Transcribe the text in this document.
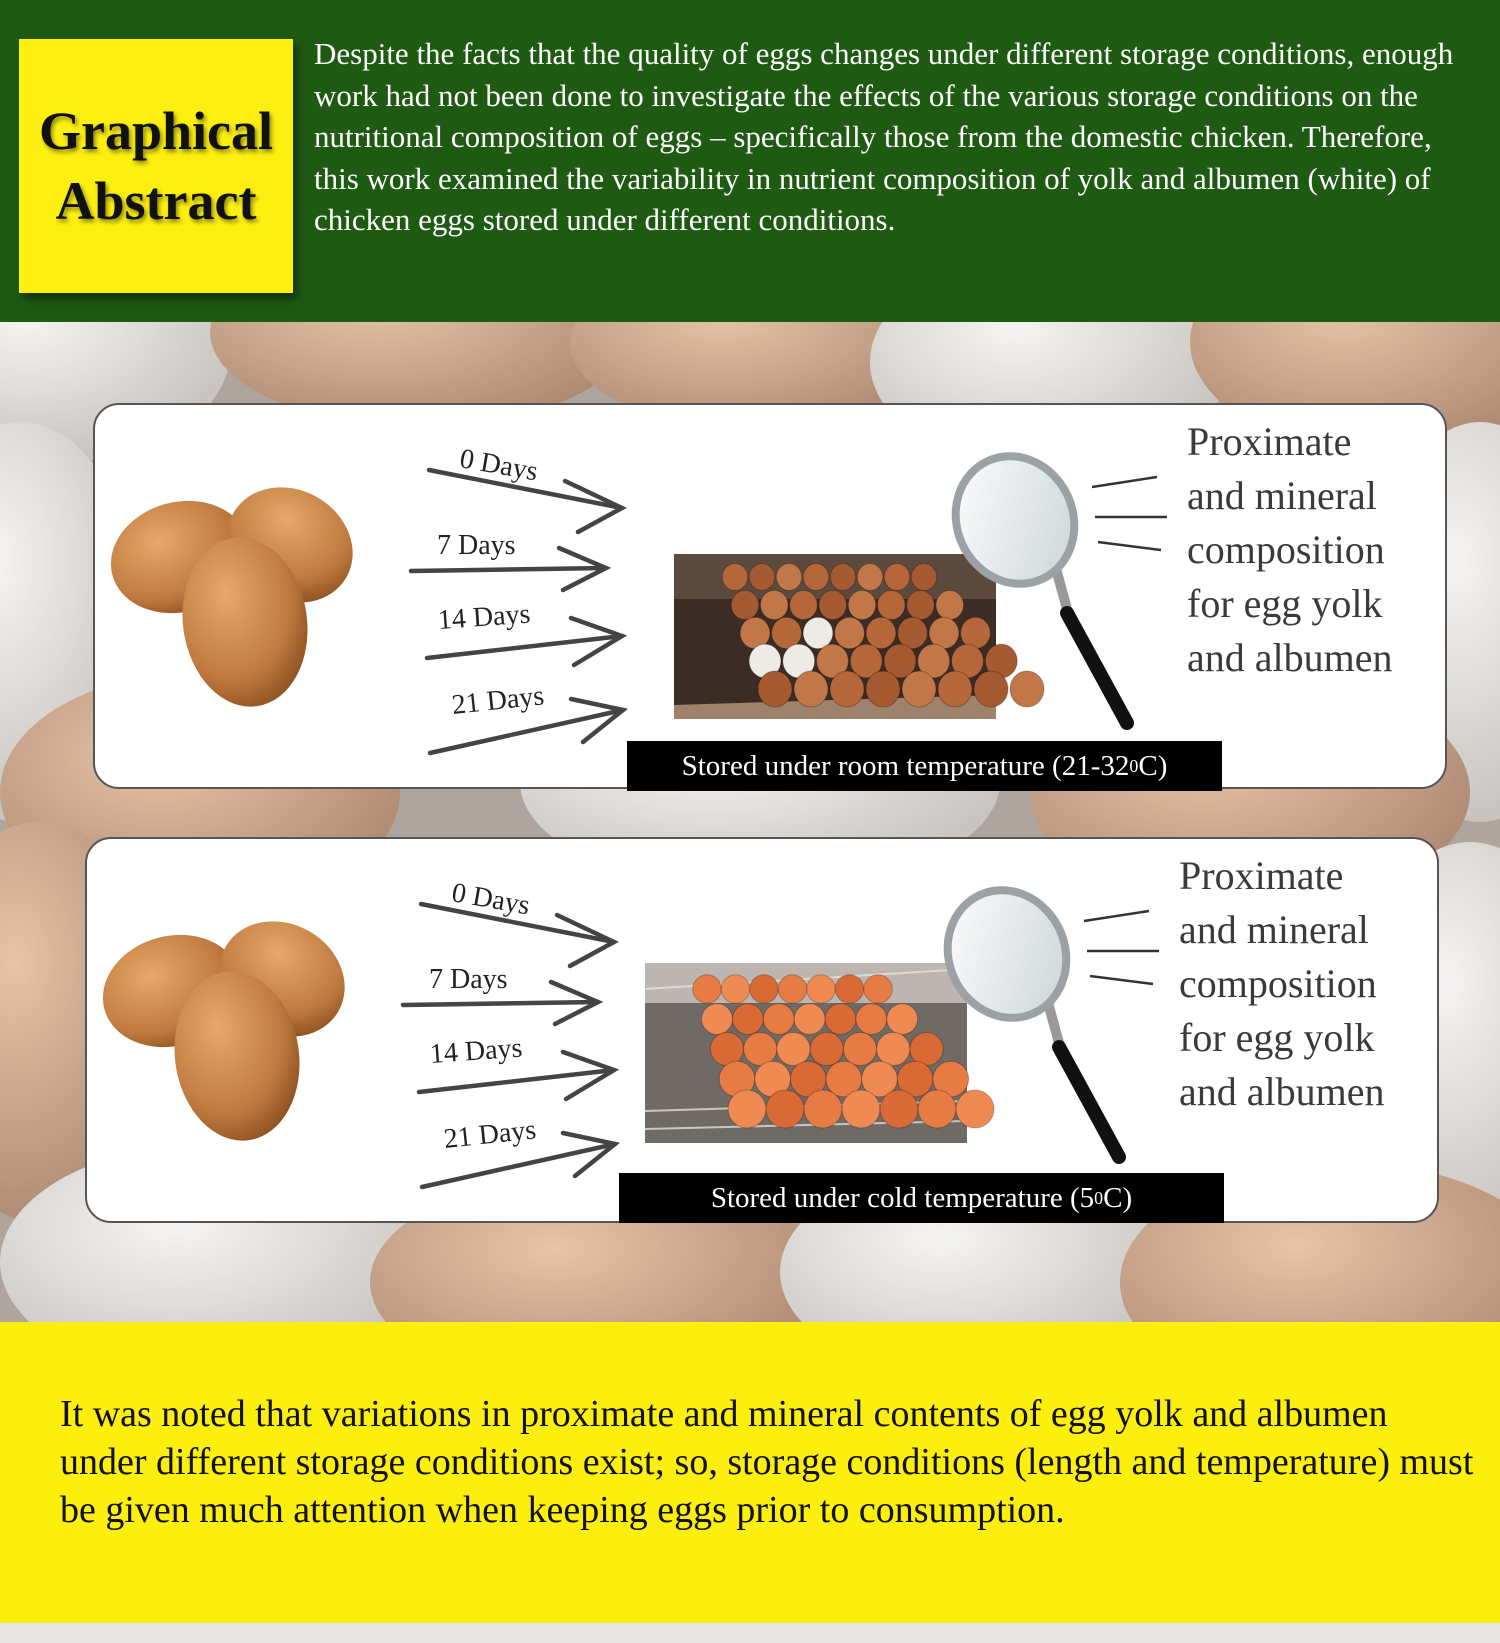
Graphical
Abstract

Despite the facts that the quality of eggs changes under different storage conditions, enough work had not been done to investigate the effects of the various storage conditions on the nutritional composition of eggs – specifically those from the domestic chicken. Therefore, this work examined the variability in nutrient composition of yolk and albumen (white) of chicken eggs stored under different conditions.

0 Days
7 Days
14 Days
21 Days
Proximate
and mineral
composition
for egg yolk
and albumen
Stored under room temperature (21-32 0 C)
0 Days
7 Days
14 Days
21 Days
Proximate
and mineral
composition
for egg yolk
and albumen
Stored under cold temperature (5 0 C)

It was noted that variations in proximate and mineral contents of egg yolk and albumen under different storage conditions exist; so, storage conditions (length and temperature) must be given much attention when keeping eggs prior to consumption.
